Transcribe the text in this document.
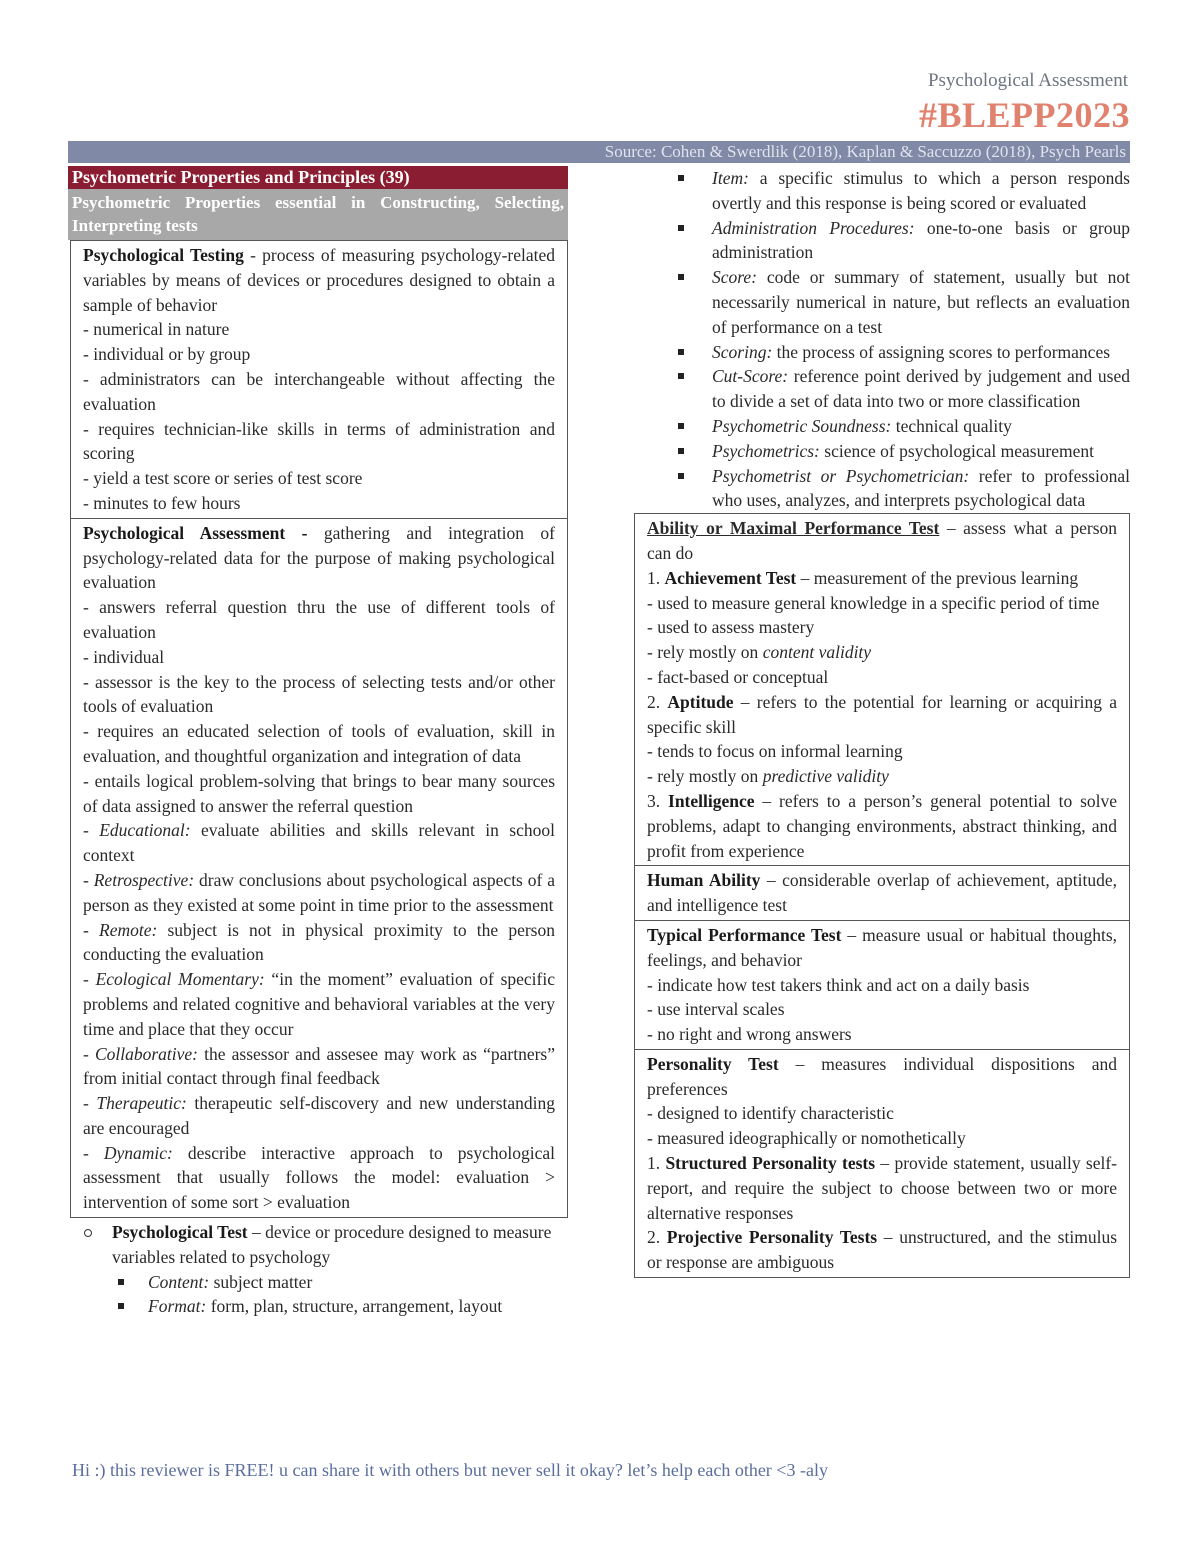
Psychological Assessment
#BLEPP2023
Source: Cohen & Swerdlik (2018), Kaplan & Saccuzzo (2018), Psych Pearls
Psychometric Properties and Principles (39)
Psychometric Properties essential in Constructing, Selecting, Interpreting tests

Psychological Testing - process of measuring psychology-related variables by means of devices or procedures designed to obtain a sample of behavior

- numerical in nature

- individual or by group

- administrators can be interchangeable without affecting the evaluation

- requires technician-like skills in terms of administration and scoring

- yield a test score or series of test score

- minutes to few hours

Psychological Assessment - gathering and integration of psychology-related data for the purpose of making psychological evaluation

- answers referral question thru the use of different tools of evaluation

- individual

- assessor is the key to the process of selecting tests and/or other tools of evaluation

- requires an educated selection of tools of evaluation, skill in evaluation, and thoughtful organization and integration of data

- entails logical problem-solving that brings to bear many sources of data assigned to answer the referral question

- Educational: evaluate abilities and skills relevant in school context

- Retrospective: draw conclusions about psychological aspects of a person as they existed at some point in time prior to the assessment

- Remote: subject is not in physical proximity to the person conducting the evaluation

- Ecological Momentary: “in the moment” evaluation of specific problems and related cognitive and behavioral variables at the very time and place that they occur

- Collaborative: the assessor and assesee may work as “partners” from initial contact through final feedback

- Therapeutic: therapeutic self-discovery and new understanding are encouraged

- Dynamic: describe interactive approach to psychological assessment that usually follows the model: evaluation > intervention of some sort > evaluation

Psychological Test – device or procedure designed to measure variables related to psychology
Content: subject matter
Format: form, plan, structure, arrangement, layout
Item: a specific stimulus to which a person responds overtly and this response is being scored or evaluated
Administration Procedures: one-to-one basis or group administration
Score: code or summary of statement, usually but not necessarily numerical in nature, but reflects an evaluation of performance on a test
Scoring: the process of assigning scores to performances
Cut-Score: reference point derived by judgement and used to divide a set of data into two or more classification
Psychometric Soundness: technical quality
Psychometrics: science of psychological measurement
Psychometrist or Psychometrician: refer to professional who uses, analyzes, and interprets psychological data

Ability or Maximal Performance Test – assess what a person can do

1. Achievement Test – measurement of the previous learning

- used to measure general knowledge in a specific period of time

- used to assess mastery

- rely mostly on content validity

- fact-based or conceptual

2. Aptitude – refers to the potential for learning or acquiring a specific skill

- tends to focus on informal learning

- rely mostly on predictive validity

3. Intelligence – refers to a person’s general potential to solve problems, adapt to changing environments, abstract thinking, and profit from experience

Human Ability – considerable overlap of achievement, aptitude, and intelligence test

Typical Performance Test – measure usual or habitual thoughts, feelings, and behavior

- indicate how test takers think and act on a daily basis

- use interval scales

- no right and wrong answers

Personality Test – measures individual dispositions and preferences

- designed to identify characteristic

- measured ideographically or nomothetically

1. Structured Personality tests – provide statement, usually self-report, and require the subject to choose between two or more alternative responses

2. Projective Personality Tests – unstructured, and the stimulus or response are ambiguous

Hi :) this reviewer is FREE! u can share it with others but never sell it okay? let’s help each other <3 -aly
